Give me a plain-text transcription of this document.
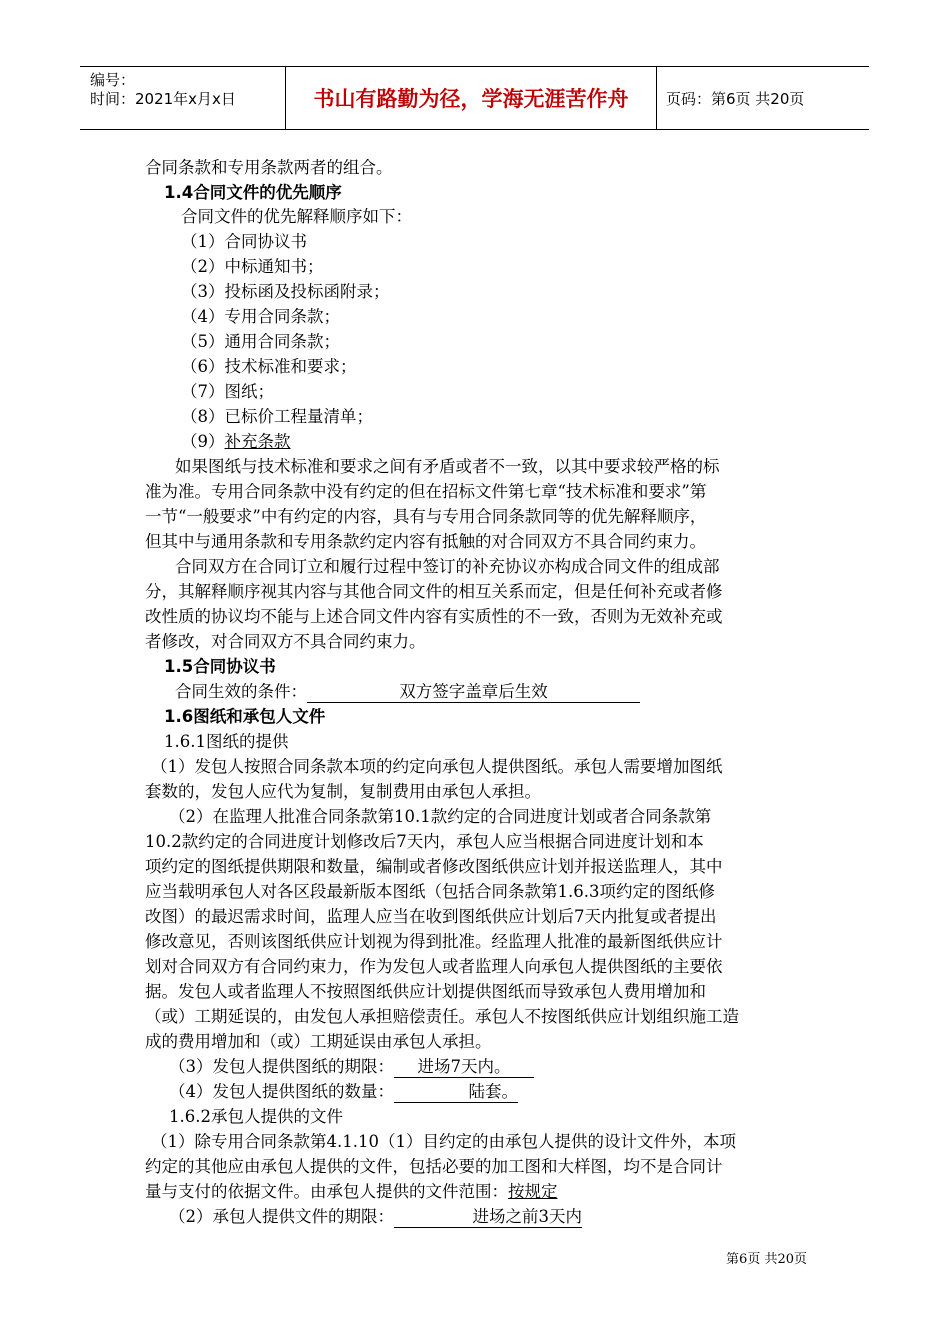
编号：
时间：2021年x月x日	书山有路勤为径，学海无涯苦作舟	页码：第6页 共20页
合同条款和专用条款两者的组合。
1.4合同文件的优先顺序
合同文件的优先解释顺序如下：
（1）合同协议书
（2）中标通知书；
（3）投标函及投标函附录；
（4）专用合同条款；
（5）通用合同条款；
（6）技术标准和要求；
（7）图纸；
（8）已标价工程量清单；
（9）补充条款
如果图纸与技术标准和要求之间有矛盾或者不一致，以其中要求较严格的标
准为准。专用合同条款中没有约定的但在招标文件第七章“技术标准和要求”第
一节“一般要求”中有约定的内容，具有与专用合同条款同等的优先解释顺序，
但其中与通用条款和专用条款约定内容有抵触的对合同双方不具合同约束力。
合同双方在合同订立和履行过程中签订的补充协议亦构成合同文件的组成部
分，其解释顺序视其内容与其他合同文件的相互关系而定，但是任何补充或者修
改性质的协议均不能与上述合同文件内容有实质性的不一致，否则为无效补充或
者修改，对合同双方不具合同约束力。
1.5合同协议书
合同生效的条件：	双方签字盖章后生效
1.6图纸和承包人文件
1.6.1图纸的提供
（1）发包人按照合同条款本项的约定向承包人提供图纸。承包人需要增加图纸
套数的，发包人应代为复制，复制费用由承包人承担。
（2）在监理人批准合同条款第10.1款约定的合同进度计划或者合同条款第
10.2款约定的合同进度计划修改后7天内，承包人应当根据合同进度计划和本
项约定的图纸提供期限和数量，编制或者修改图纸供应计划并报送监理人，其中
应当载明承包人对各区段最新版本图纸（包括合同条款第1.6.3项约定的图纸修
改图）的最迟需求时间，监理人应当在收到图纸供应计划后7天内批复或者提出
修改意见，否则该图纸供应计划视为得到批准。经监理人批准的最新图纸供应计
划对合同双方有合同约束力，作为发包人或者监理人向承包人提供图纸的主要依
据。发包人或者监理人不按照图纸供应计划提供图纸而导致承包人费用增加和
（或）工期延误的，由发包人承担赔偿责任。承包人不按图纸供应计划组织施工造
成的费用增加和（或）工期延误由承包人承担。
（3）发包人提供图纸的期限： 进场7天内。
（4）发包人提供图纸的数量：	陆套。
1.6.2承包人提供的文件
（1）除专用合同条款第4.1.10（1）目约定的由承包人提供的设计文件外，本项
约定的其他应由承包人提供的文件，包括必要的加工图和大样图，均不是合同计
量与支付的依据文件。由承包人提供的文件范围：按规定
（2）承包人提供文件的期限：	进场之前3天内
第6页 共20页
